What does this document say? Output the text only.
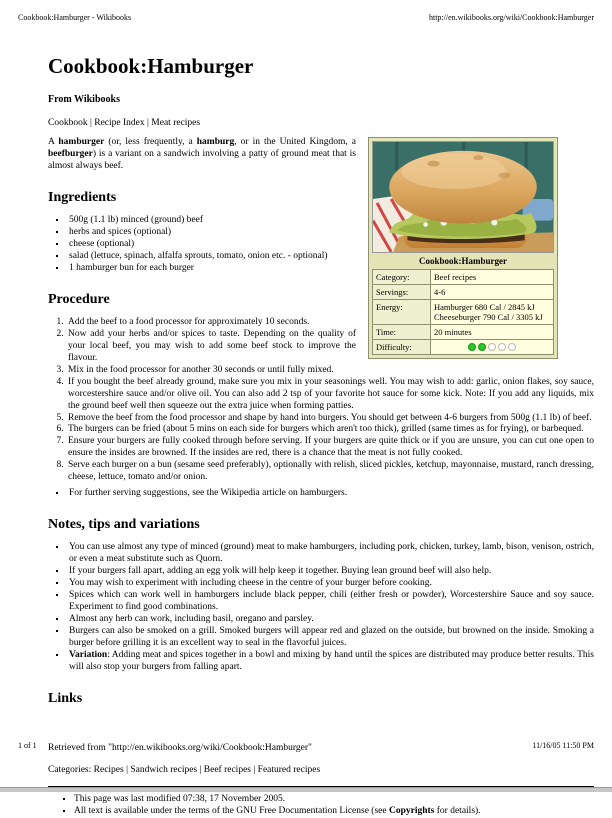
Cookbook:Hamburger - Wikibooks	http://en.wikibooks.org/wiki/Cookbook:Hamburger
Cookbook:Hamburger
From Wikibooks
Cookbook | Recipe Index | Meat recipes
Cookbook:Hamburger
Category:	Beef recipes
Servings:	4-6
Energy:	Hamburger 680 Cal / 2845 kJ
Cheeseburger 790 Cal / 3305 kJ

Time:	20 minutes
Difficulty:	

A hamburger (or, less frequently, a hamburg, or in the United Kingdom, a beefburger) is a variant on a sandwich involving a patty of ground meat that is almost always beef.

Ingredients
▪ 500g (1.1 lb) minced (ground) beef
▪ herbs and spices (optional)
▪ cheese (optional)
▪ salad (lettuce, spinach, alfalfa sprouts, tomato, onion etc. - optional)
▪ 1 hamburger bun for each burger
Procedure
1. Add the beef to a food processor for approximately 10 seconds.
2. Now add your herbs and/or spices to taste. Depending on the quality of your local beef, you may wish to add some beef stock to improve the flavour.
3. Mix in the food processor for another 30 seconds or until fully mixed.
4. If you bought the beef already ground, make sure you mix in your seasonings well. You may wish to add: garlic, onion flakes, soy sauce, worcestershire sauce and/or olive oil. You can also add 2 tsp of your favorite hot sauce for some kick. Note: If you add any liquids, mix the ground beef well then squeeze out the extra juice when forming patties.
5. Remove the beef from the food processor and shape by hand into burgers. You should get between 4-6 burgers from 500g (1.1 lb) of beef.
6. The burgers can be fried (about 5 mins on each side for burgers which aren't too thick), grilled (same times as for frying), or barbequed.
7. Ensure your burgers are fully cooked through before serving. If your burgers are quite thick or if you are unsure, you can cut one open to ensure the insides are browned. If the insides are red, there is a chance that the meat is not fully cooked.
8. Serve each burger on a bun (sesame seed preferably), optionally with relish, sliced pickles, ketchup, mayonnaise, mustard, ranch dressing, cheese, lettuce, tomato and/or onion.
▪ For further serving suggestions, see the Wikipedia article on hamburgers.
Notes, tips and variations
▪ You can use almost any type of minced (ground) meat to make hamburgers, including pork, chicken, turkey, lamb, bison, venison, ostrich, or even a meat substitute such as Quorn.
▪ If your burgers fall apart, adding an egg yolk will help keep it together. Buying lean ground beef will also help.
▪ You may wish to experiment with including cheese in the centre of your burger before cooking.
▪ Spices which can work well in hamburgers include black pepper, chili (either fresh or powder), Worcestershire Sauce and soy sauce. Experiment to find good combinations.
▪ Almost any herb can work, including basil, oregano and parsley.
▪ Burgers can also be smoked on a grill. Smoked burgers will appear red and glazed on the outside, but browned on the inside. Smoking a burger before grilling it is an excellent way to seal in the flavorful juices.
▪ Variation: Adding meat and spices together in a bowl and mixing by hand until the spices are distributed may produce better results. This will also stop your burgers from falling apart.
Links
Retrieved from "http://en.wikibooks.org/wiki/Cookbook:Hamburger"
Categories: Recipes | Sandwich recipes | Beef recipes | Featured recipes
▪ This page was last modified 07:38, 17 November 2005.
▪ All text is available under the terms of the GNU Free Documentation License (see Copyrights for details).
1 of 1	11/16/05 11:50 PM
